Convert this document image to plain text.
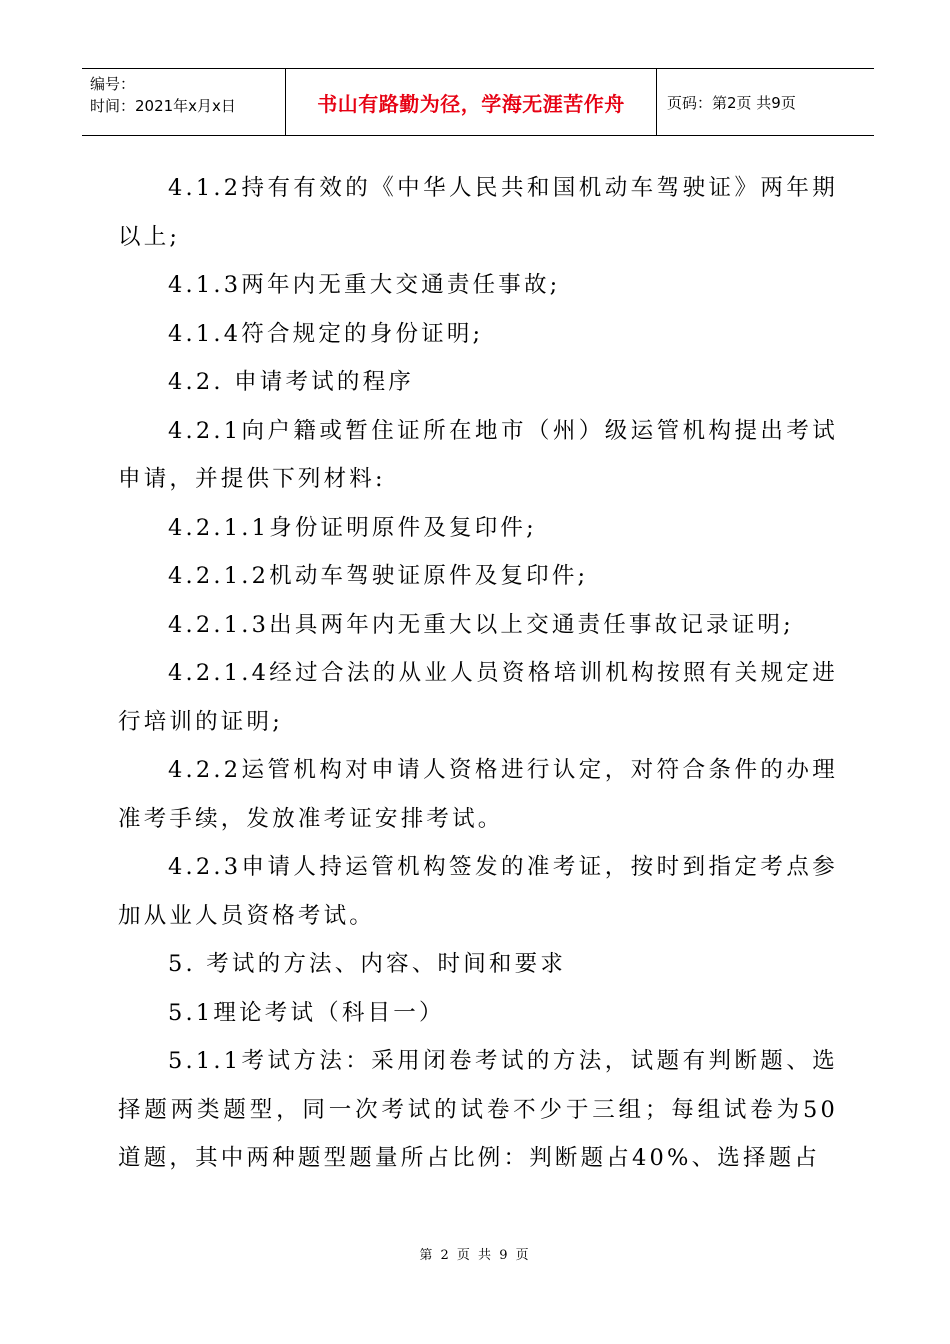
编号：
时间：2021年x月x日	书山有路勤为径，学海无涯苦作舟	页码：第2页 共9页

4.1.2持有有效的《中华人民共和国机动车驾驶证》两年期以上;

4.1.3两年内无重大交通责任事故;

4.1.4符合规定的身份证明;

4.2. 申请考试的程序

4.2.1向户籍或暂住证所在地市（州）级运管机构提出考试申请，并提供下列材料:

4.2.1.1身份证明原件及复印件;

4.2.1.2机动车驾驶证原件及复印件;

4.2.1.3出具两年内无重大以上交通责任事故记录证明;

4.2.1.4经过合法的从业人员资格培训机构按照有关规定进行培训的证明;

4.2.2运管机构对申请人资格进行认定，对符合条件的办理准考手续，发放准考证安排考试。

4.2.3申请人持运管机构签发的准考证，按时到指定考点参加从业人员资格考试。

5. 考试的方法、内容、时间和要求

5.1理论考试（科目一）

5.1.1考试方法：采用闭卷考试的方法，试题有判断题、选择题两类题型，同一次考试的试卷不少于三组；每组试卷为50道题，其中两种题型题量所占比例：判断题占40%、选择题占

第 2 页 共 9 页
